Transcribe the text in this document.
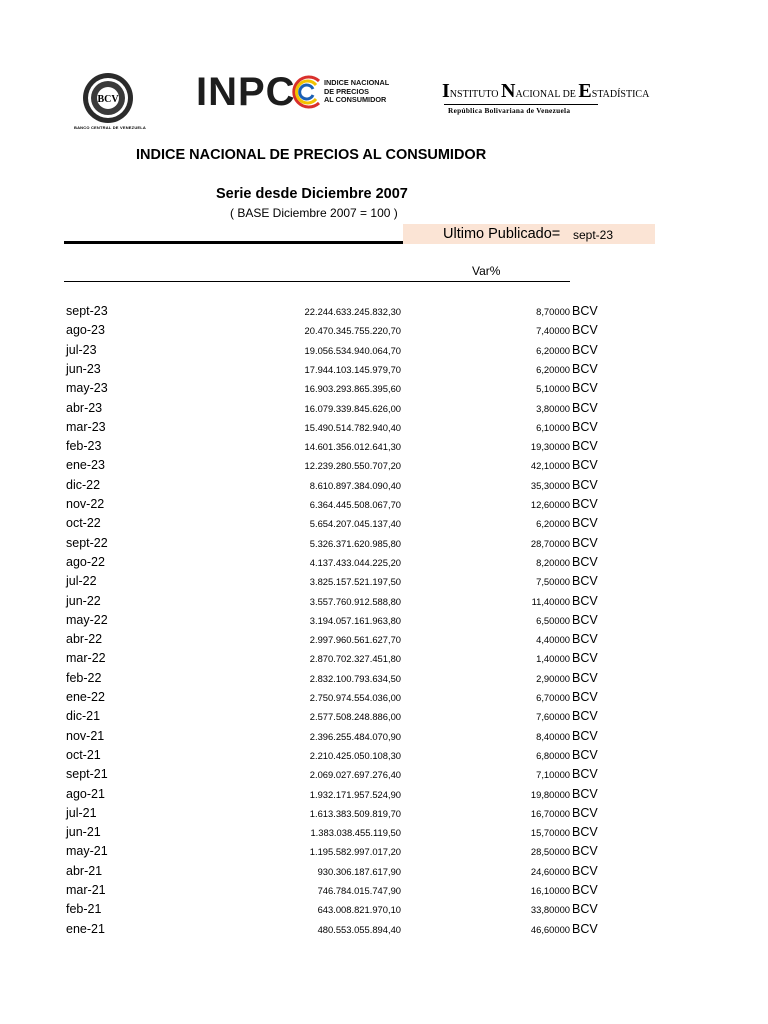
BCV
BANCO CENTRAL DE VENEZUELA
INPC	INDICE NACIONAL
DE PRECIOS
AL CONSUMIDOR	INSTITUTO NACIONAL DE ESTADÍSTICA
República Bolivariana de Venezuela
INDICE NACIONAL DE PRECIOS AL CONSUMIDOR
Serie desde Diciembre 2007
( BASE Diciembre 2007 = 100 )
Ultimo Publicado= sept-23
Var%
sept-23	22.244.633.245.832,30	8,70000 BCV
ago-23	20.470.345.755.220,70	7,40000 BCV
jul-23	19.056.534.940.064,70	6,20000 BCV
jun-23	17.944.103.145.979,70	6,20000 BCV
may-23	16.903.293.865.395,60	5,10000 BCV
abr-23	16.079.339.845.626,00	3,80000 BCV
mar-23	15.490.514.782.940,40	6,10000 BCV
feb-23	14.601.356.012.641,30	19,30000 BCV
ene-23	12.239.280.550.707,20	42,10000 BCV
dic-22	8.610.897.384.090,40	35,30000 BCV
nov-22	6.364.445.508.067,70	12,60000 BCV
oct-22	5.654.207.045.137,40	6,20000 BCV
sept-22	5.326.371.620.985,80	28,70000 BCV
ago-22	4.137.433.044.225,20	8,20000 BCV
jul-22	3.825.157.521.197,50	7,50000 BCV
jun-22	3.557.760.912.588,80	11,40000 BCV
may-22	3.194.057.161.963,80	6,50000 BCV
abr-22	2.997.960.561.627,70	4,40000 BCV
mar-22	2.870.702.327.451,80	1,40000 BCV
feb-22	2.832.100.793.634,50	2,90000 BCV
ene-22	2.750.974.554.036,00	6,70000 BCV
dic-21	2.577.508.248.886,00	7,60000 BCV
nov-21	2.396.255.484.070,90	8,40000 BCV
oct-21	2.210.425.050.108,30	6,80000 BCV
sept-21	2.069.027.697.276,40	7,10000 BCV
ago-21	1.932.171.957.524,90	19,80000 BCV
jul-21	1.613.383.509.819,70	16,70000 BCV
jun-21	1.383.038.455.119,50	15,70000 BCV
may-21	1.195.582.997.017,20	28,50000 BCV
abr-21	930.306.187.617,90	24,60000 BCV
mar-21	746.784.015.747,90	16,10000 BCV
feb-21	643.008.821.970,10	33,80000 BCV
ene-21	480.553.055.894,40	46,60000 BCV
